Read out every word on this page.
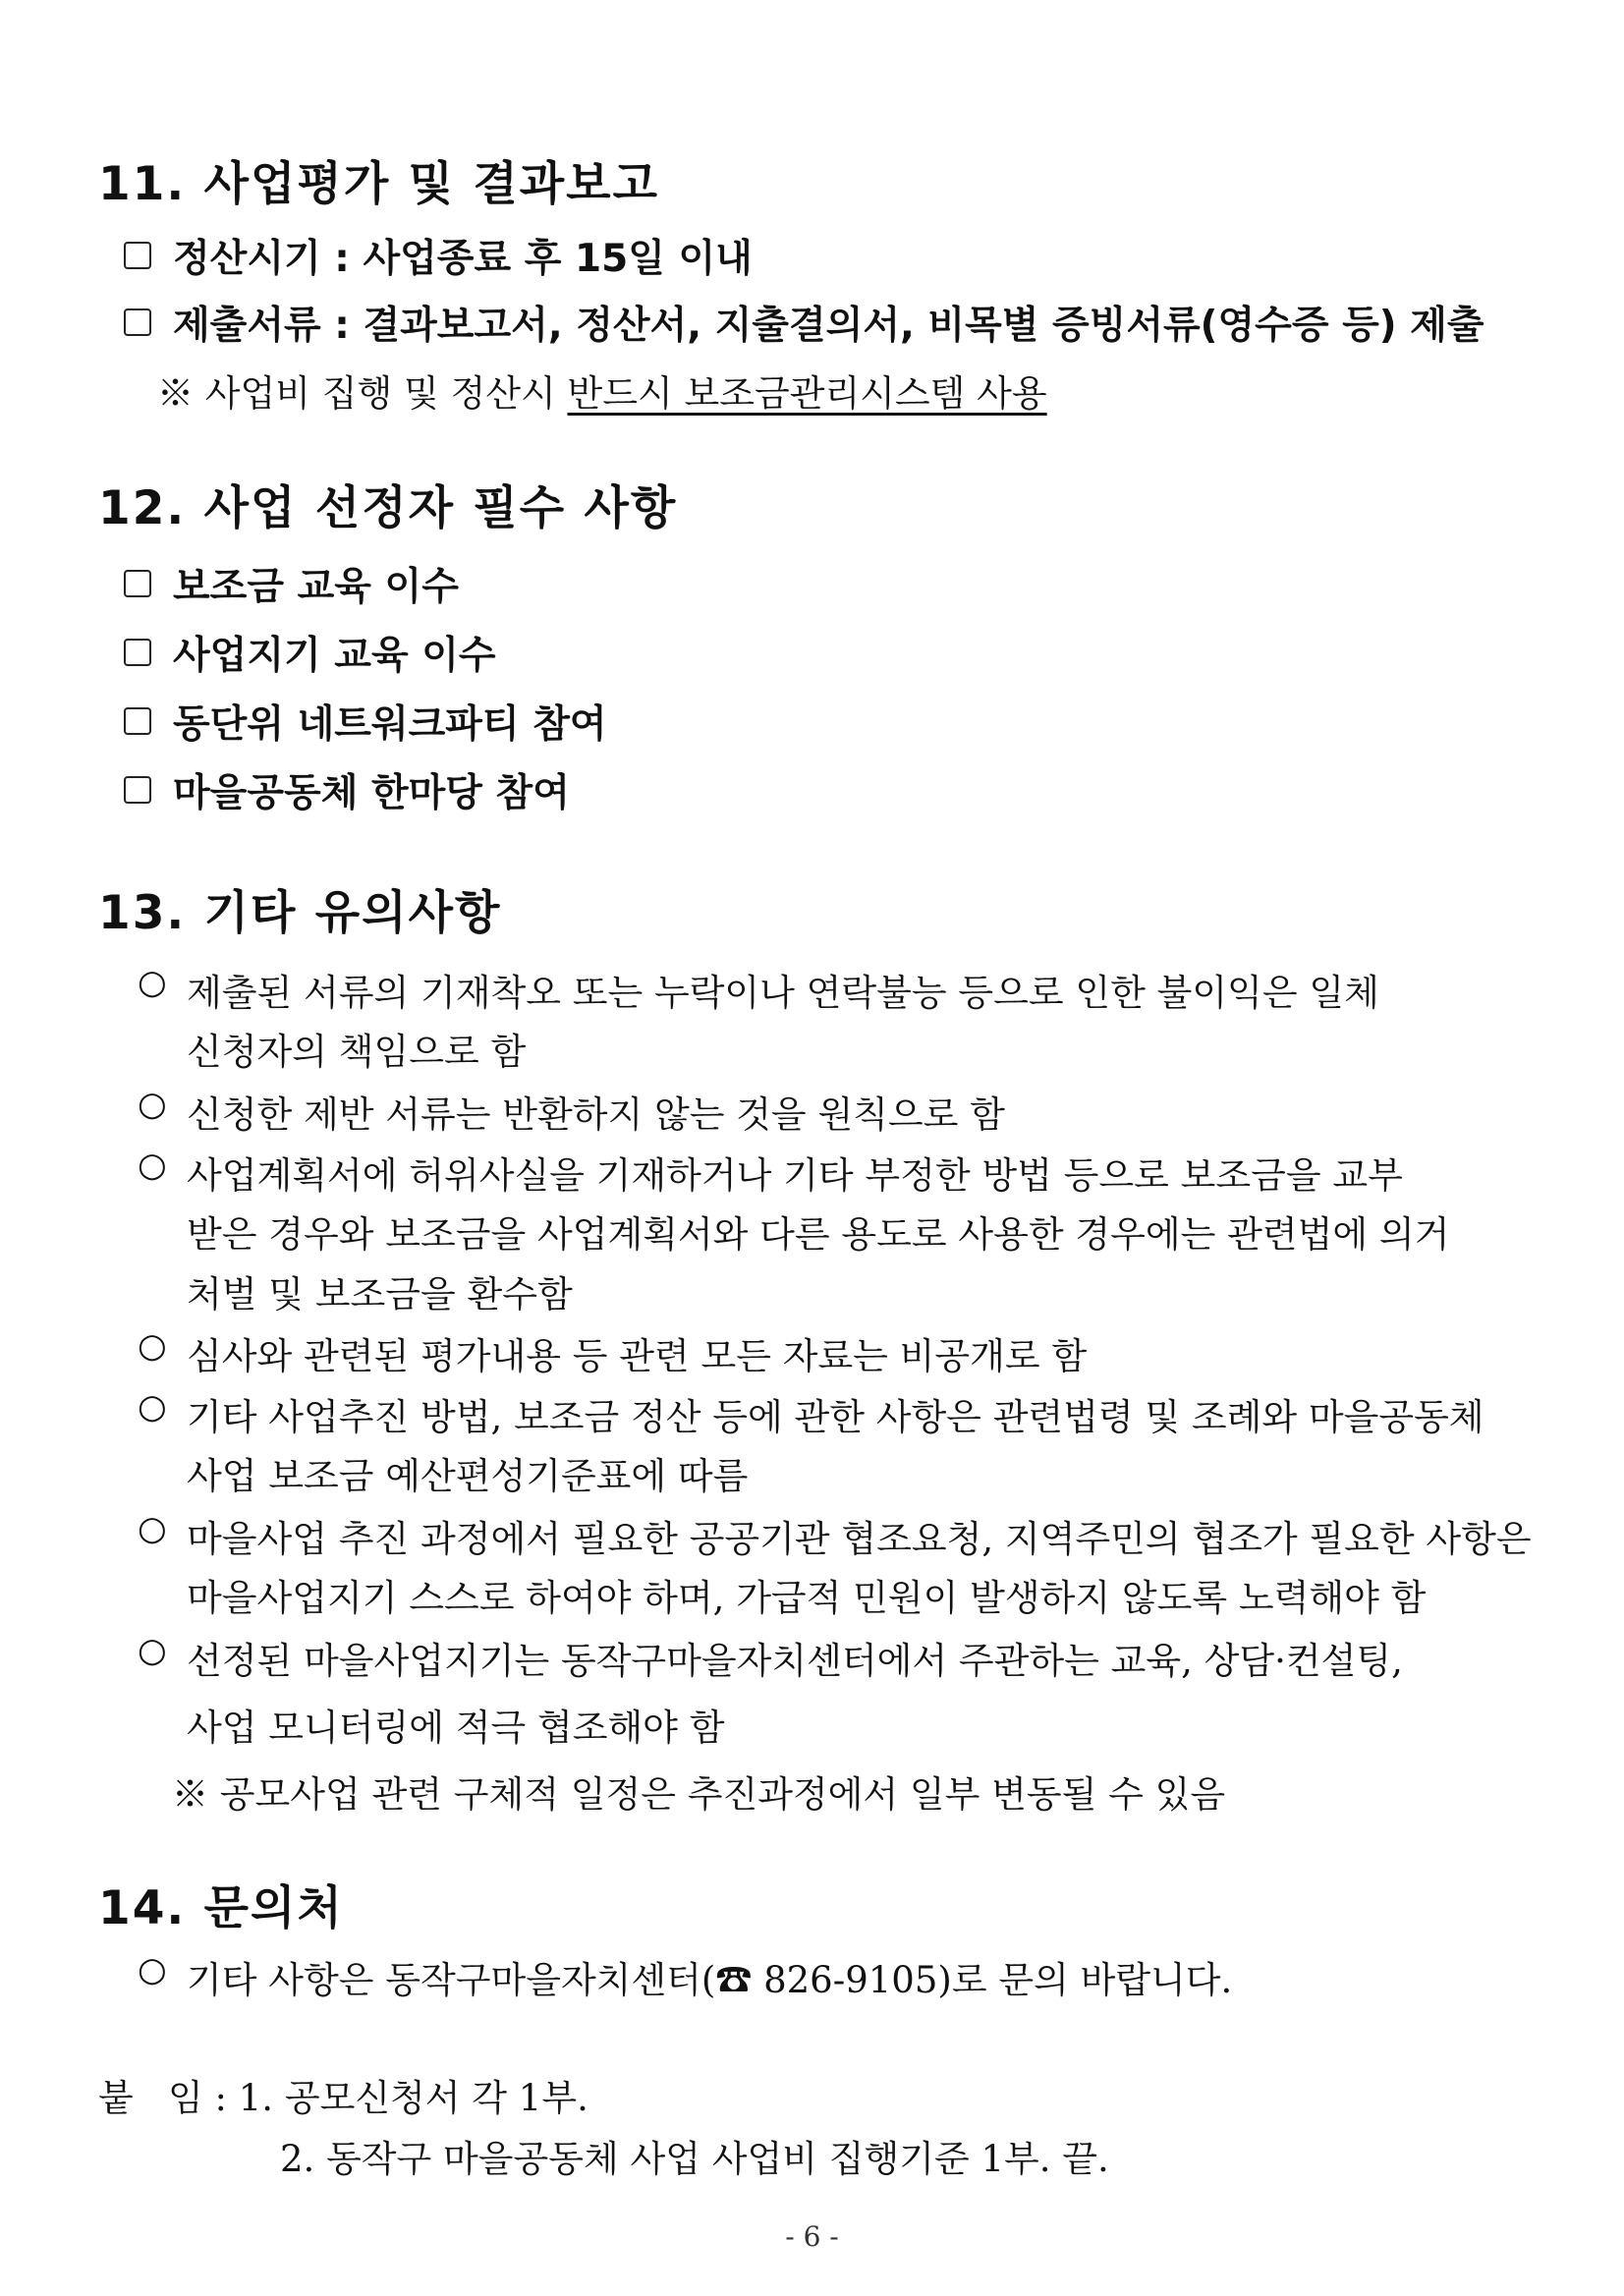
11. 사업평가 및 결과보고
정산시기 : 사업종료 후 15일 이내
제출서류 : 결과보고서, 정산서, 지출결의서, 비목별 증빙서류(영수증 등) 제출
※ 사업비 집행 및 정산시 반드시 보조금관리시스템 사용
12. 사업 선정자 필수 사항
보조금 교육 이수
사업지기 교육 이수
동단위 네트워크파티 참여
마을공동체 한마당 참여
13. 기타 유의사항
○ 제출된 서류의 기재착오 또는 누락이나 연락불능 등으로 인한 불이익은 일체
신청자의 책임으로 함
○ 신청한 제반 서류는 반환하지 않는 것을 원칙으로 함
○ 사업계획서에 허위사실을 기재하거나 기타 부정한 방법 등으로 보조금을 교부
받은 경우와 보조금을 사업계획서와 다른 용도로 사용한 경우에는 관련법에 의거
처벌 및 보조금을 환수함
○ 심사와 관련된 평가내용 등 관련 모든 자료는 비공개로 함
○ 기타 사업추진 방법, 보조금 정산 등에 관한 사항은 관련법령 및 조례와 마을공동체
사업 보조금 예산편성기준표에 따름
○ 마을사업 추진 과정에서 필요한 공공기관 협조요청, 지역주민의 협조가 필요한 사항은
마을사업지기 스스로 하여야 하며, 가급적 민원이 발생하지 않도록 노력해야 함
○ 선정된 마을사업지기는 동작구마을자치센터에서 주관하는 교육, 상담·컨설팅,
사업 모니터링에 적극 협조해야 함
※ 공모사업 관련 구체적 일정은 추진과정에서 일부 변동될 수 있음
14. 문의처
○ 기타 사항은 동작구마을자치센터(☎ 826-9105)로 문의 바랍니다.
붙   임 : 1. 공모신청서 각 1부.
2. 동작구 마을공동체 사업 사업비 집행기준 1부. 끝.
- 6 -
